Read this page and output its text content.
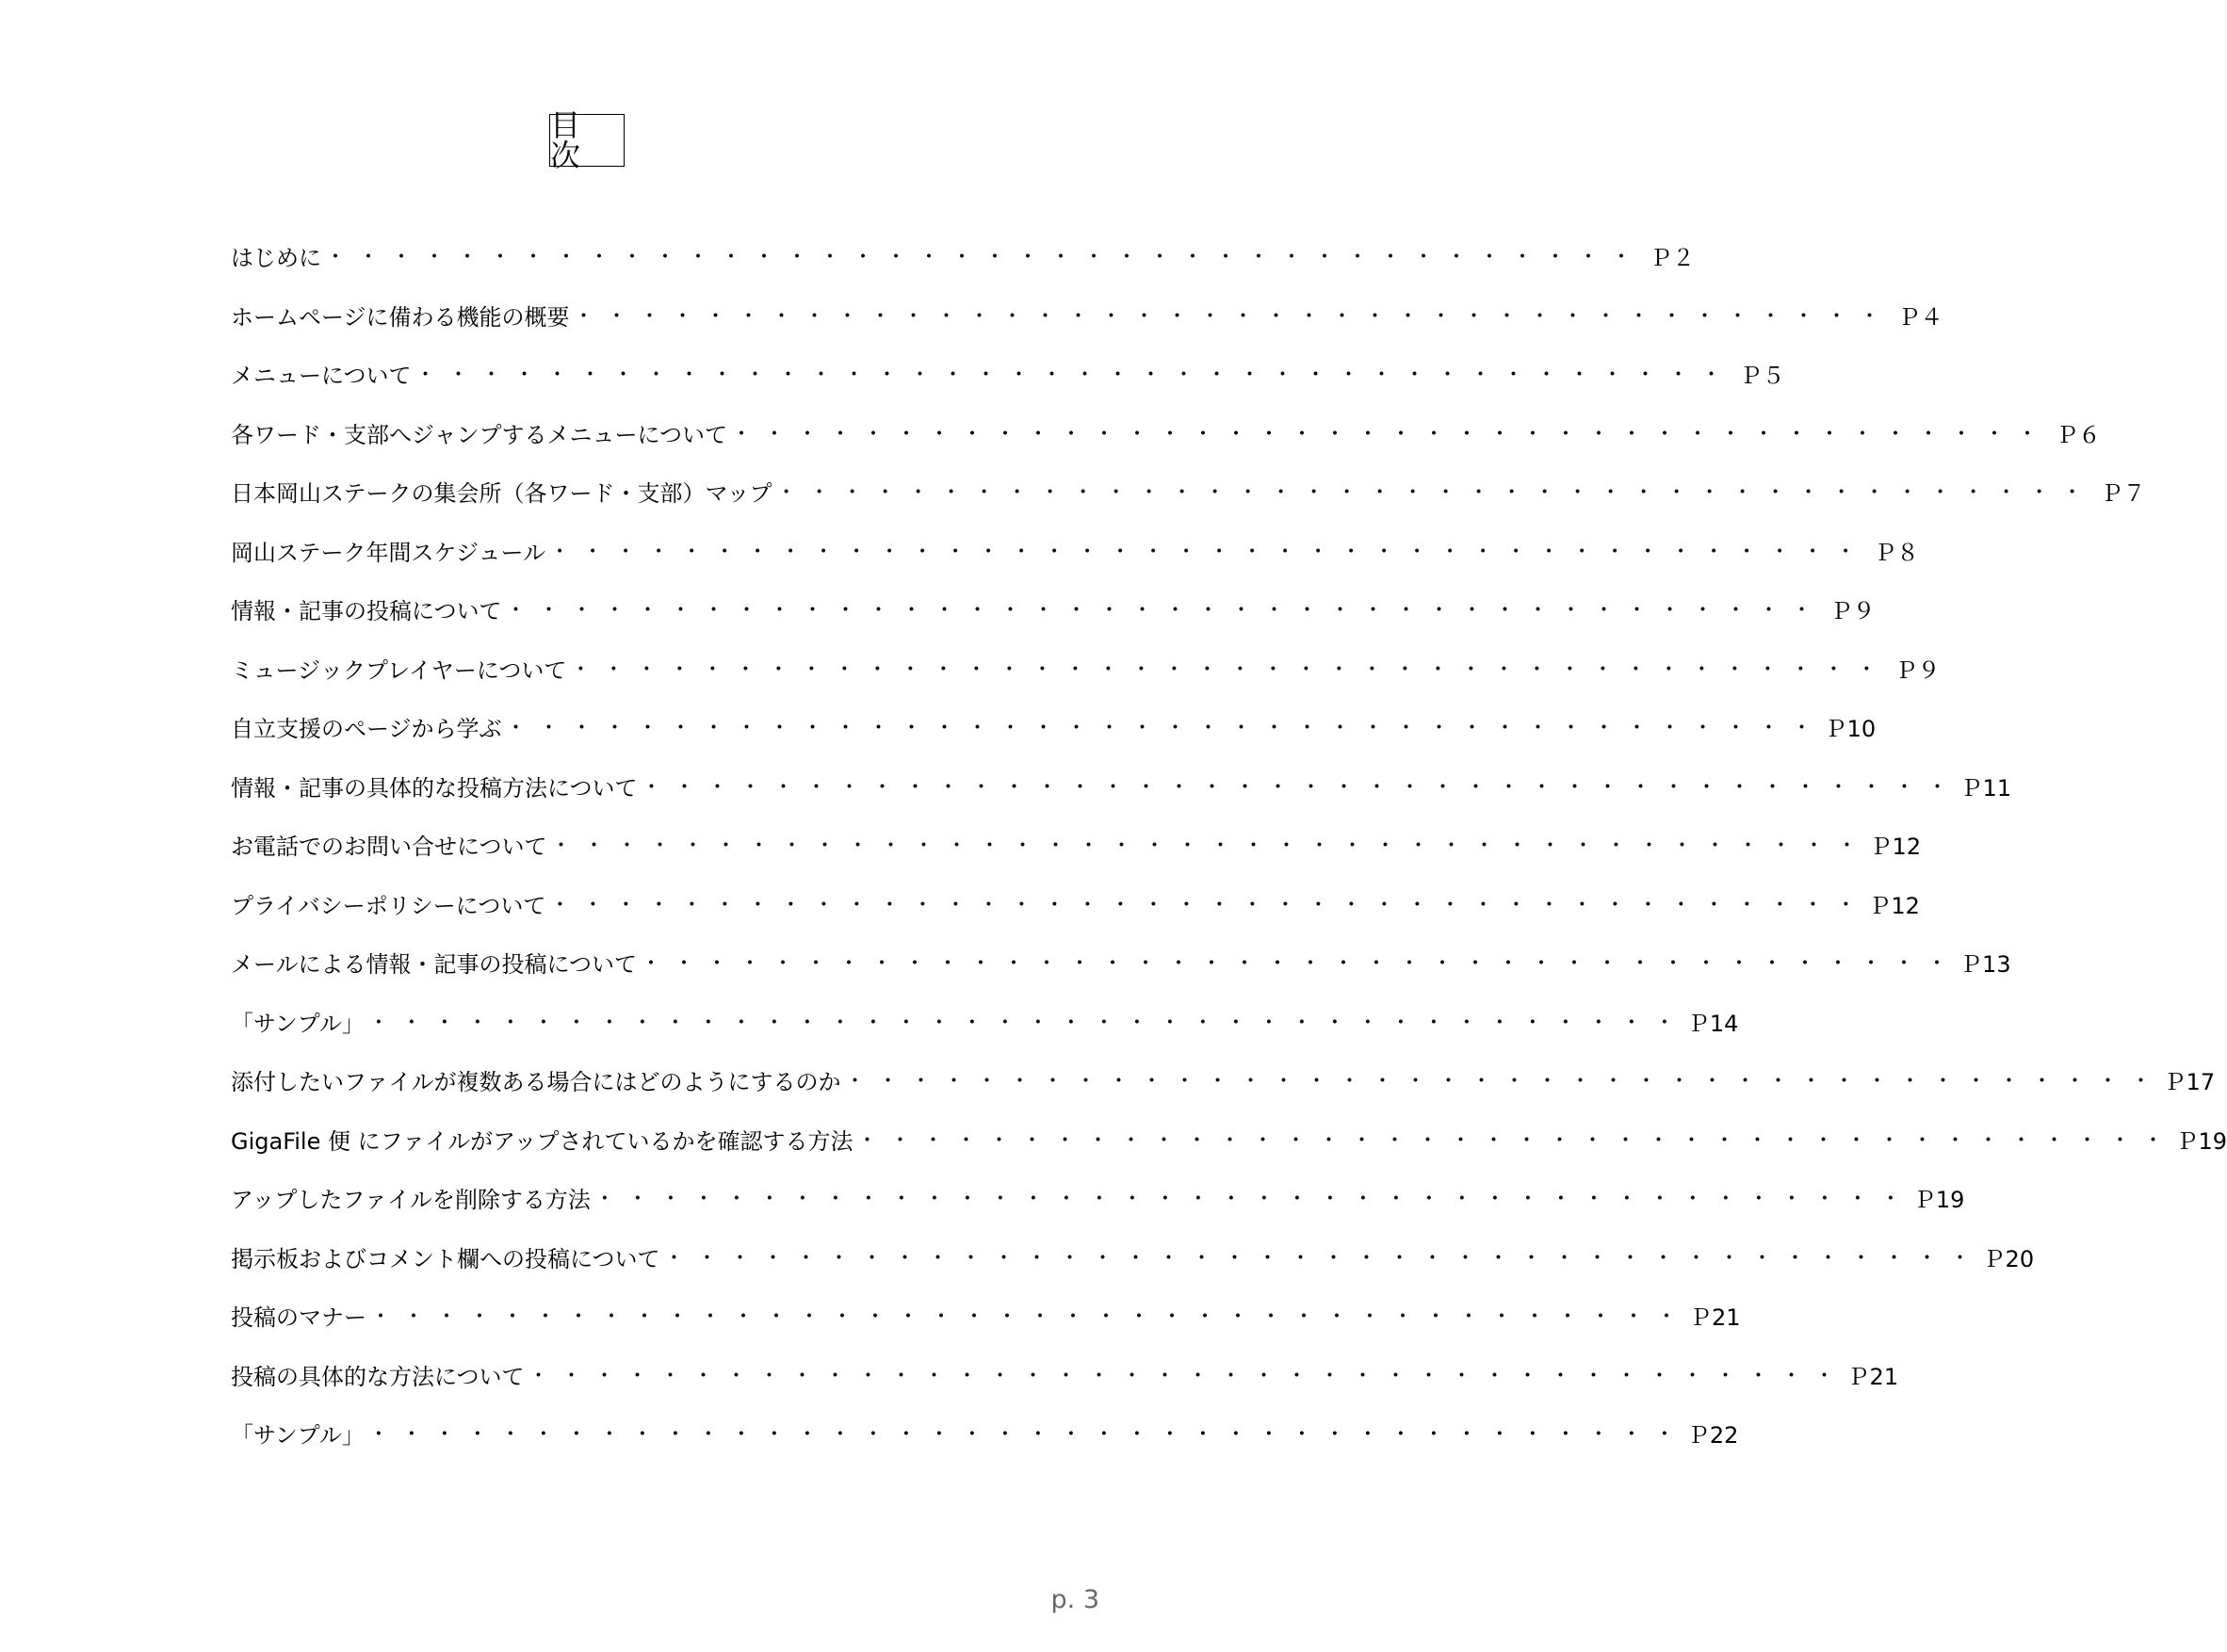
目 次
はじめに ・・・・・・・・・・・・・・・・・・・・・・・・・・・・・・・・・・・・・・・・ Ｐ２
ホームページに備わる機能の概要 ・・・・・・・・・・・・・・・・・・・・・・・・・・・・・・・・・・・・・・・・ Ｐ４
メニューについて ・・・・・・・・・・・・・・・・・・・・・・・・・・・・・・・・・・・・・・・・ Ｐ５
各ワード・支部へジャンプするメニューについて ・・・・・・・・・・・・・・・・・・・・・・・・・・・・・・・・・・・・・・・・ Ｐ６
日本岡山ステークの集会所（各ワード・支部）マップ ・・・・・・・・・・・・・・・・・・・・・・・・・・・・・・・・・・・・・・・・ Ｐ７
岡山ステーク年間スケジュール ・・・・・・・・・・・・・・・・・・・・・・・・・・・・・・・・・・・・・・・・ Ｐ８
情報・記事の投稿について ・・・・・・・・・・・・・・・・・・・・・・・・・・・・・・・・・・・・・・・・ Ｐ９
ミュージックプレイヤーについて ・・・・・・・・・・・・・・・・・・・・・・・・・・・・・・・・・・・・・・・・ Ｐ９
自立支援のページから学ぶ ・・・・・・・・・・・・・・・・・・・・・・・・・・・・・・・・・・・・・・・・ Ｐ10
情報・記事の具体的な投稿方法について ・・・・・・・・・・・・・・・・・・・・・・・・・・・・・・・・・・・・・・・・ Ｐ11
お電話でのお問い合せについて ・・・・・・・・・・・・・・・・・・・・・・・・・・・・・・・・・・・・・・・・ Ｐ12
プライバシーポリシーについて ・・・・・・・・・・・・・・・・・・・・・・・・・・・・・・・・・・・・・・・・ Ｐ12
メールによる情報・記事の投稿について ・・・・・・・・・・・・・・・・・・・・・・・・・・・・・・・・・・・・・・・・ Ｐ13
「サンプル」 ・・・・・・・・・・・・・・・・・・・・・・・・・・・・・・・・・・・・・・・・ Ｐ14
添付したいファイルが複数ある場合にはどのようにするのか ・・・・・・・・・・・・・・・・・・・・・・・・・・・・・・・・・・・・・・・・ Ｐ17
GigaFile 便 にファイルがアップされているかを確認する方法 ・・・・・・・・・・・・・・・・・・・・・・・・・・・・・・・・・・・・・・・・ Ｐ19
アップしたファイルを削除する方法 ・・・・・・・・・・・・・・・・・・・・・・・・・・・・・・・・・・・・・・・・ Ｐ19
掲示板およびコメント欄への投稿について ・・・・・・・・・・・・・・・・・・・・・・・・・・・・・・・・・・・・・・・・ Ｐ20
投稿のマナー ・・・・・・・・・・・・・・・・・・・・・・・・・・・・・・・・・・・・・・・・ Ｐ21
投稿の具体的な方法について ・・・・・・・・・・・・・・・・・・・・・・・・・・・・・・・・・・・・・・・・ Ｐ21
「サンプル」 ・・・・・・・・・・・・・・・・・・・・・・・・・・・・・・・・・・・・・・・・ Ｐ22
p. 3
